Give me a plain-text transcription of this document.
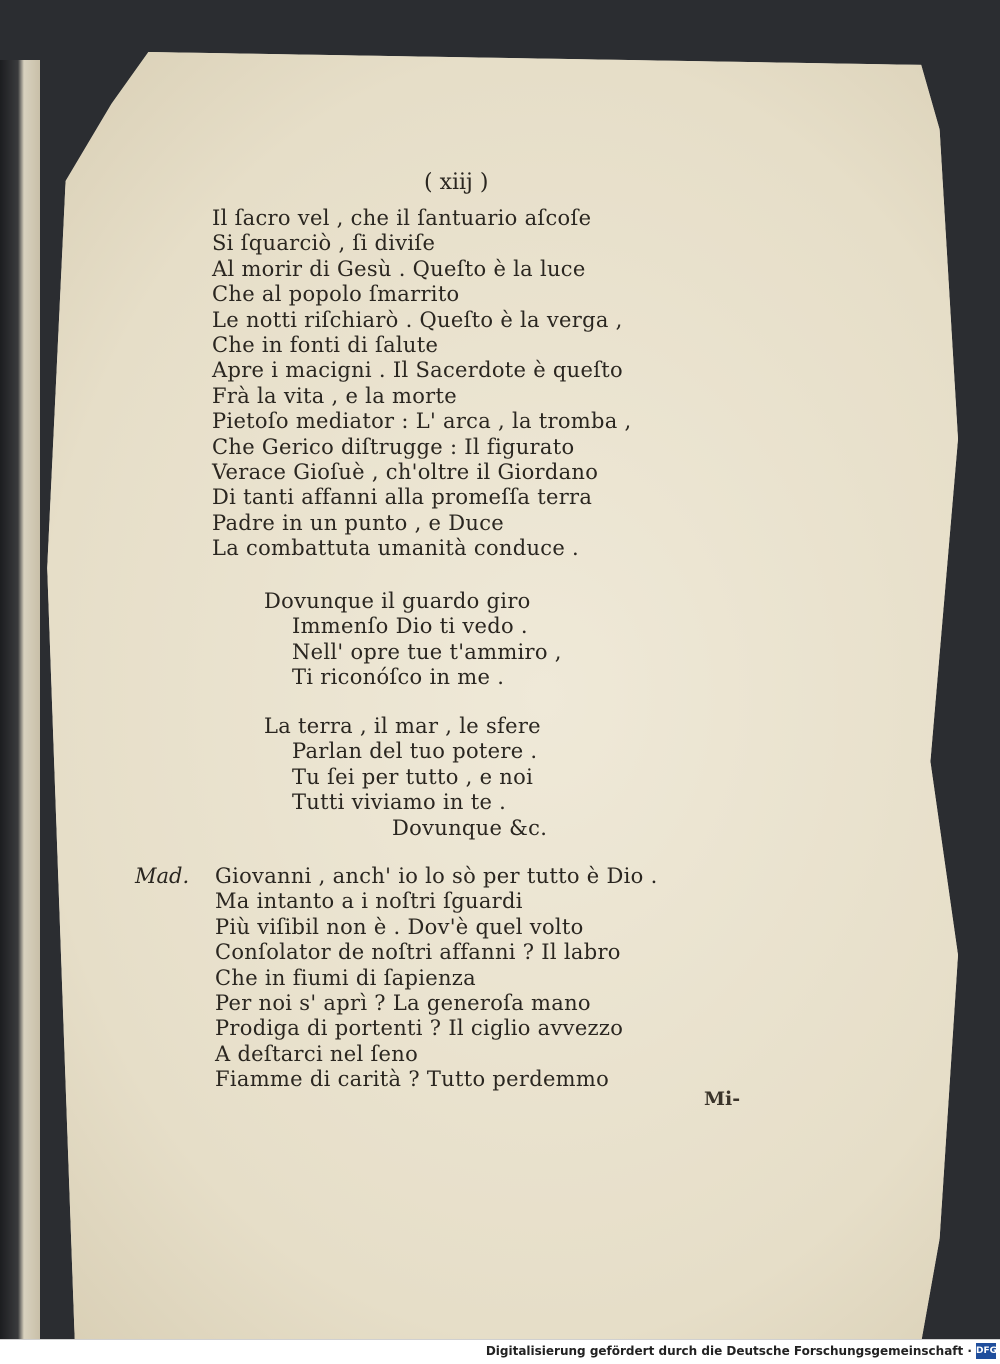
( xiij )
Il ſacro vel , che il ſantuario aſcoſe
Si ſquarciò , ſi diviſe
Al morir di Gesù . Queſto è la luce
Che al popolo ſmarrito
Le notti riſchiarò . Queſto è la verga ,
Che in fonti di ſalute
Apre i macigni . Il Sacerdote è queſto
Frà la vita , e la morte
Pietoſo mediator : L' arca , la tromba ,
Che Gerico diſtrugge : Il figurato
Verace Gioſuè , ch'oltre il Giordano
Di tanti affanni alla promeſſa terra
Padre in un punto , e Duce
La combattuta umanità conduce .
Dovunque il guardo giro
Immenſo Dio ti vedo .
Nell' opre tue t'ammiro ,
Ti riconóſco in me .
La terra , il mar , le sfere
Parlan del tuo potere .
Tu ſei per tutto , e noi
Tutti viviamo in te .
Dovunque &c.
Mad. Giovanni , anch' io lo sò per tutto è Dio .
Ma intanto a i noſtri ſguardi
Più viſibil non è . Dov'è quel volto
Conſolator de noſtri affanni ? Il labro
Che in fiumi di ſapienza
Per noi s' aprì ? La generoſa mano
Prodiga di portenti ? Il ciglio avvezzo
A deſtarci nel ſeno
Fiamme di carità ? Tutto perdemmo
Mi-
Digitalisierung gefördert durch die Deutsche Forschungsgemeinschaft · DFG
